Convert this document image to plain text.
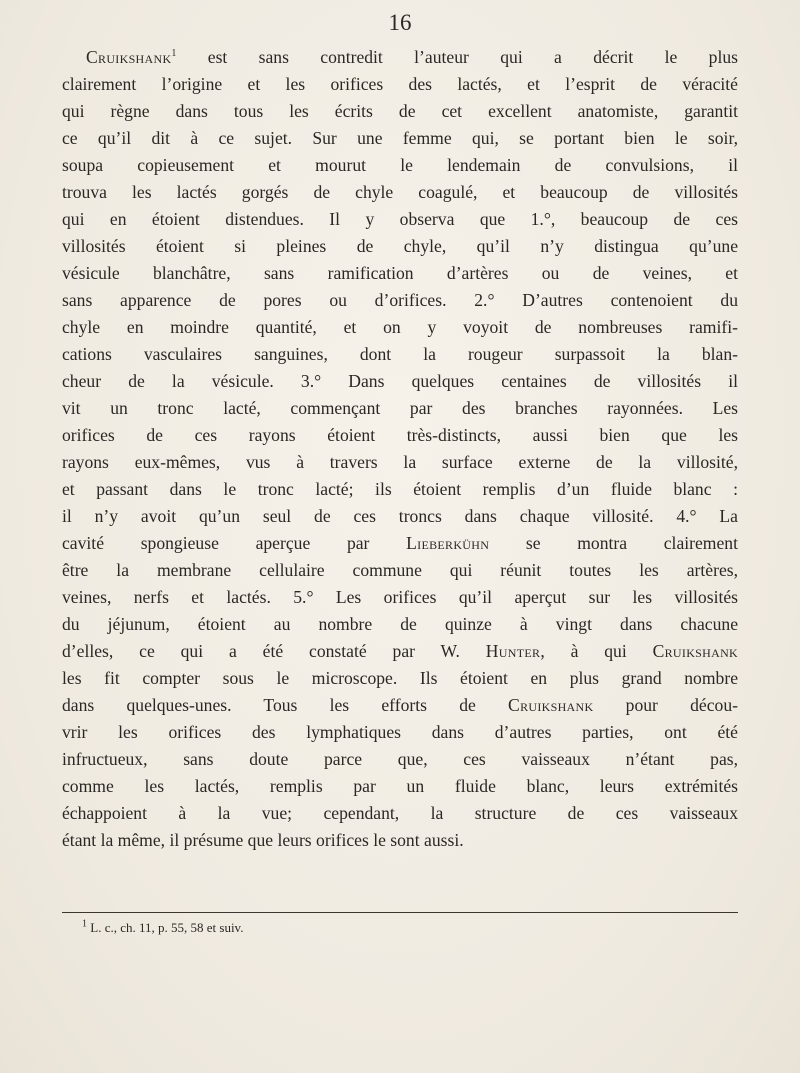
16
Cruikshank$^1$ est sans contredit l’auteur qui a décrit le plus
clairement l’origine et les orifices des lactés, et l’esprit de véracité
qui règne dans tous les écrits de cet excellent anatomiste, garantit
ce qu’il dit à ce sujet. Sur une femme qui, se portant bien le soir,
soupa copieusement et mourut le lendemain de convulsions, il
trouva les lactés gorgés de chyle coagulé, et beaucoup de villosités
qui en étoient distendues. Il y observa que 1.°, beaucoup de ces
villosités étoient si pleines de chyle, qu’il n’y distingua qu’une
vésicule blanchâtre, sans ramification d’artères ou de veines, et
sans apparence de pores ou d’orifices. 2.° D’autres contenoient du
chyle en moindre quantité, et on y voyoit de nombreuses ramifi-
cations vasculaires sanguines, dont la rougeur surpassoit la blan-
cheur de la vésicule. 3.° Dans quelques centaines de villosités il
vit un tronc lacté, commençant par des branches rayonnées. Les
orifices de ces rayons étoient très-distincts, aussi bien que les
rayons eux-mêmes, vus à travers la surface externe de la villosité,
et passant dans le tronc lacté; ils étoient remplis d’un fluide blanc :
il n’y avoit qu’un seul de ces troncs dans chaque villosité. 4.° La
cavité spongieuse aperçue par Lieberkühn se montra clairement
être la membrane cellulaire commune qui réunit toutes les artères,
veines, nerfs et lactés. 5.° Les orifices qu’il aperçut sur les villosités
du jéjunum, étoient au nombre de quinze à vingt dans chacune
d’elles, ce qui a été constaté par W. Hunter, à qui Cruikshank
les fit compter sous le microscope. Ils étoient en plus grand nombre
dans quelques-unes. Tous les efforts de Cruikshank pour décou-
vrir les orifices des lymphatiques dans d’autres parties, ont été
infructueux, sans doute parce que, ces vaisseaux n’étant pas,
comme les lactés, remplis par un fluide blanc, leurs extrémités
échappoient à la vue; cependant, la structure de ces vaisseaux
étant la même, il présume que leurs orifices le sont aussi.
$^1$ L. c., ch. 11, p. 55, 58 et suiv.
